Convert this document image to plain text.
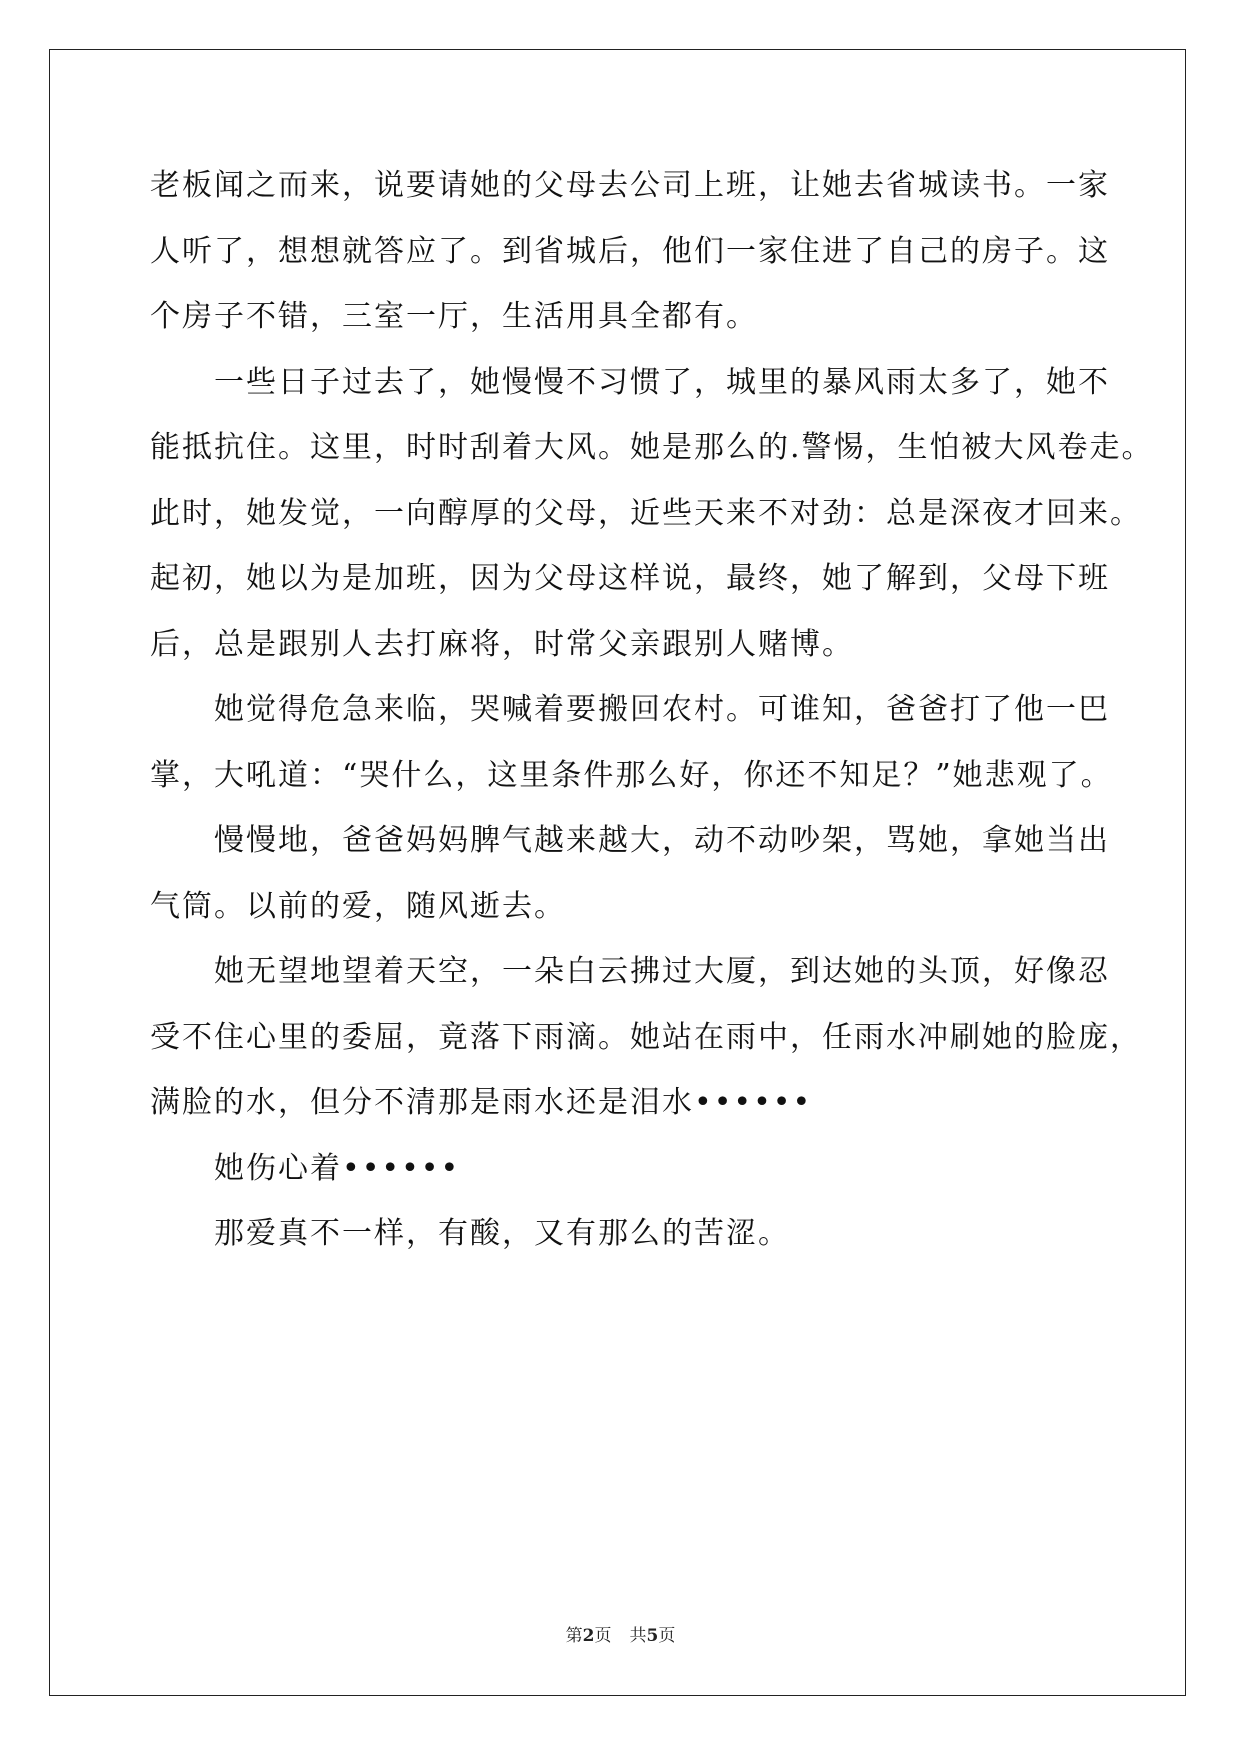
老板闻之而来，说要请她的父母去公司上班，让她去省城读书。一家
人听了，想想就答应了。到省城后，他们一家住进了自己的房子。这
个房子不错，三室一厅，生活用具全都有。
一些日子过去了，她慢慢不习惯了，城里的暴风雨太多了，她不
能抵抗住。这里，时时刮着大风。她是那么的.警惕，生怕被大风卷走。
此时，她发觉，一向醇厚的父母，近些天来不对劲：总是深夜才回来。
起初，她以为是加班，因为父母这样说，最终，她了解到，父母下班
后，总是跟别人去打麻将，时常父亲跟别人赌博。
她觉得危急来临，哭喊着要搬回农村。可谁知，爸爸打了他一巴
掌，大吼道：“哭什么，这里条件那么好，你还不知足？”她悲观了。
慢慢地，爸爸妈妈脾气越来越大，动不动吵架，骂她，拿她当出
气筒。以前的爱，随风逝去。
她无望地望着天空，一朵白云拂过大厦，到达她的头顶，好像忍
受不住心里的委屈，竟落下雨滴。她站在雨中，任雨水冲刷她的脸庞，
满脸的水，但分不清那是雨水还是泪水••••••
她伤心着••••••
那爱真不一样，有酸，又有那么的苦涩。
第2页 共5页
